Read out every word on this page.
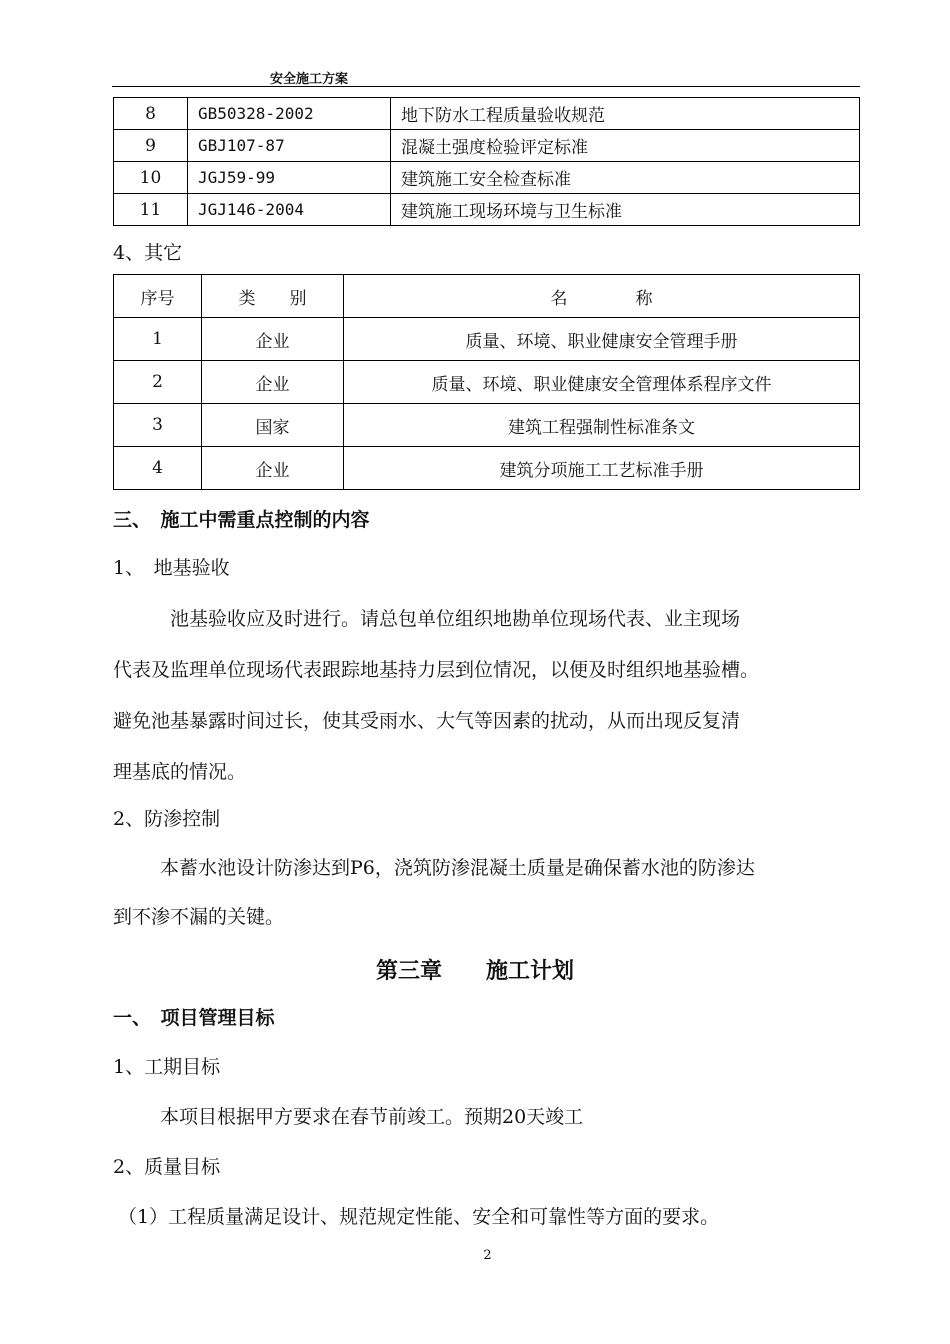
安全施工方案
8	GB50328-2002	地下防水工程质量验收规范
9	GBJ107-87	混凝土强度检验评定标准
10	JGJ59-99	建筑施工安全检查标准
11	JGJ146-2004	建筑施工现场环境与卫生标准
4、其它
序号	类　　别	名　　　　称
1	企业	质量、环境、职业健康安全管理手册
2	企业	质量、环境、职业健康安全管理体系程序文件
3	国家	建筑工程强制性标准条文
4	企业	建筑分项施工工艺标准手册
三、　施工中需重点控制的内容
1、　地基验收
池基验收应及时进行。请总包单位组织地勘单位现场代表、业主现场
代表及监理单位现场代表跟踪地基持力层到位情况，以便及时组织地基验槽。
避免池基暴露时间过长，使其受雨水、大气等因素的扰动，从而出现反复清
理基底的情况。
2、防渗控制
本蓄水池设计防渗达到P6，浇筑防渗混凝土质量是确保蓄水池的防渗达
到不渗不漏的关键。
第三章　　施工计划
一、　项目管理目标
1、工期目标
本项目根据甲方要求在春节前竣工。预期20天竣工
2、质量目标
（1）工程质量满足设计、规范规定性能、安全和可靠性等方面的要求。
2
